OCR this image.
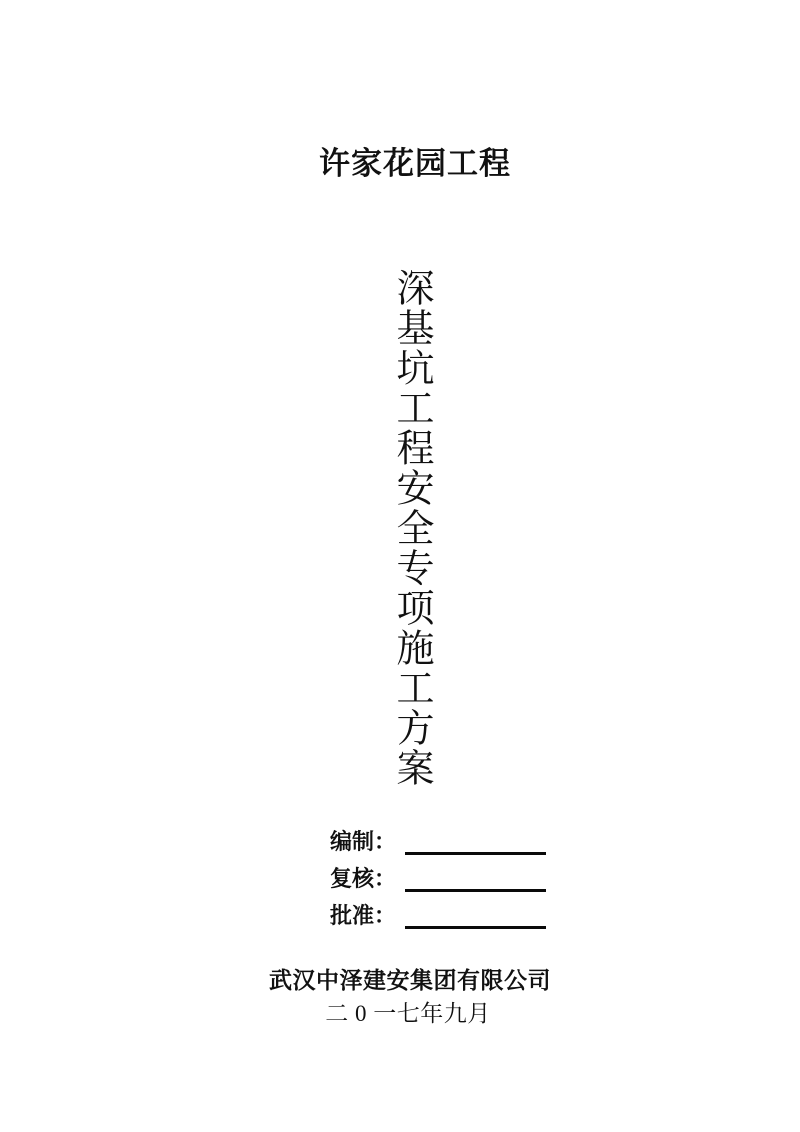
许家花园工程
深基坑工程安全专项施工方案
编制：
复核：
批准：
武汉中泽建安集团有限公司
二 0 一七年九月
